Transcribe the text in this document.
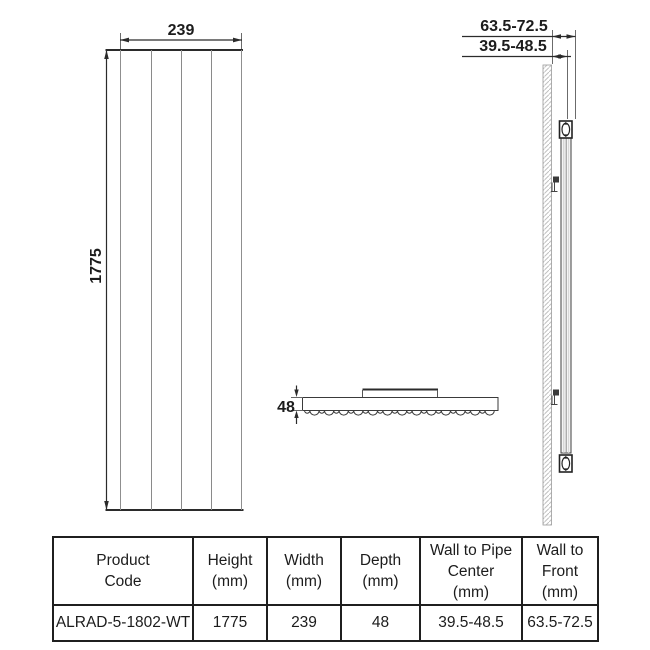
239
1775
48
63.5-72.5
39.5-48.5
Product
Code

Height
(mm)

Width
(mm)

Depth
(mm)

Wall to Pipe
Center
(mm)

Wall to
Front
(mm)

ALRAD-5-1802-WT	1775	239	48	39.5-48.5	63.5-72.5
